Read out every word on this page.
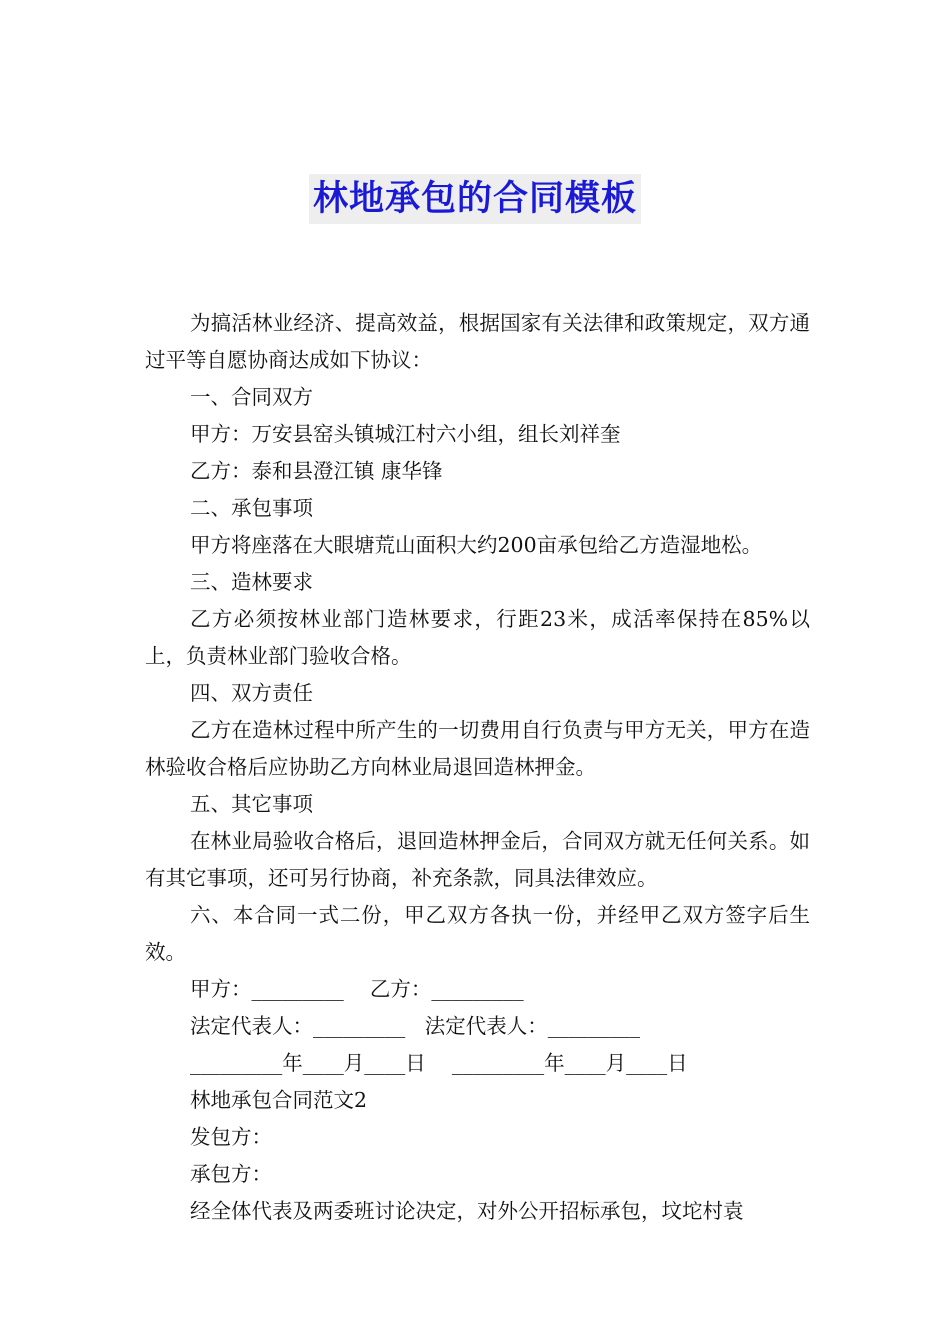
林地承包的合同模板

为搞活林业经济、提高效益，根据国家有关法律和政策规定，双方通过平等自愿协商达成如下协议：

一、合同双方

甲方：万安县窑头镇城江村六小组，组长刘祥奎

乙方：泰和县澄江镇 康华锋

二、承包事项

甲方将座落在大眼塘荒山面积大约200亩承包给乙方造湿地松。

三、造林要求

乙方必须按林业部门造林要求，行距23米，成活率保持在85%以上，负责林业部门验收合格。

四、双方责任

乙方在造林过程中所产生的一切费用自行负责与甲方无关，甲方在造林验收合格后应协助乙方向林业局退回造林押金。

五、其它事项

在林业局验收合格后，退回造林押金后，合同双方就无任何关系。如有其它事项，还可另行协商，补充条款，同具法律效应。

六、本合同一式二份，甲乙双方各执一份，并经甲乙双方签字后生效。

甲方：_________    乙方：_________

法定代表人：_________   法定代表人：_________

_________年____月____日    _________年____月____日

林地承包合同范文2

发包方：

承包方：

经全体代表及两委班讨论决定，对外公开招标承包，坟坨村袁
